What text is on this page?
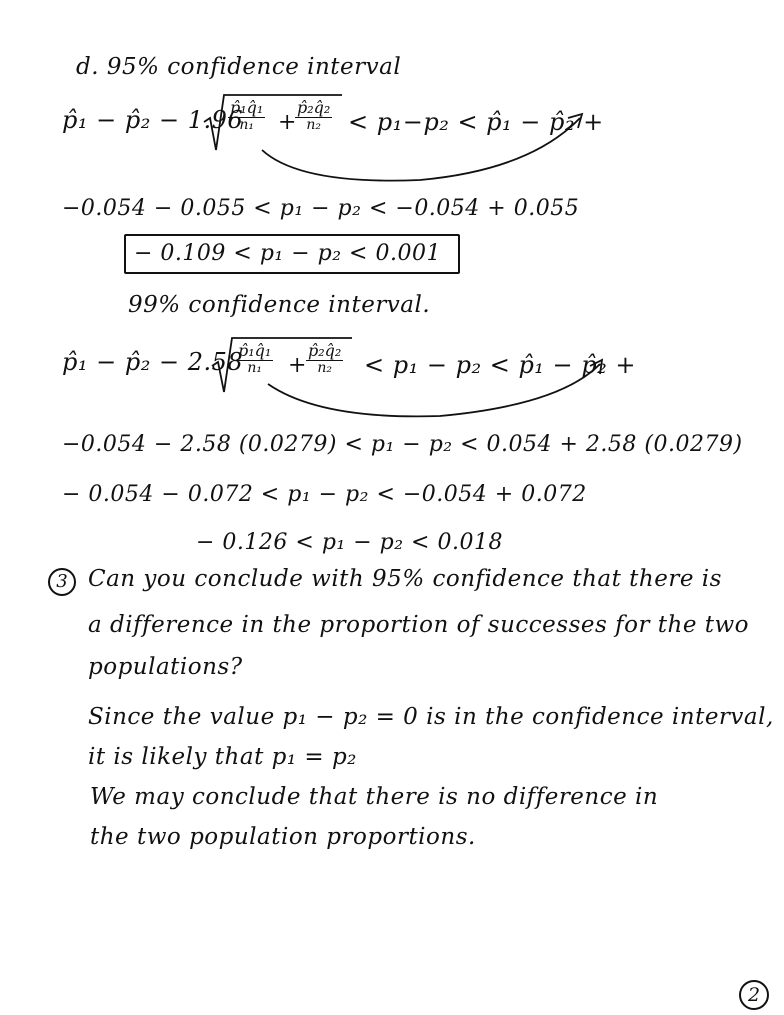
d. 95% confidence interval
p̂₁ − p̂₂ − 1.96
$\frac{\text{p̂₁q̂₁}}{\text{n₁}}$ +
$\frac{\text{p̂₂q̂₂}}{\text{n₂}} < p_1-p_2$ < p̂₁ − p̂₂ +
−0.054 − 0.055 < p₁ − p₂ < −0.054 + 0.055
− 0.109 < p₁ − p₂ < 0.001
99% confidence interval.
p̂₁ − p̂₂ − 2.58
$\frac{\text{p̂₁q̂₁}}{\text{n₁}} + \frac{\text{p̂₂q̂₂}}{\text{n₂}} < p_1 - p_2$ < p̂₁ − p̂₂ +
−0.054 − 2.58 (0.0279) < p₁ − p₂ < 0.054 + 2.58 (0.0279)
− 0.054 − 0.072 < p₁ − p₂ < −0.054 + 0.072
− 0.126 < p₁ − p₂ < 0.018
3 Can you conclude with 95% confidence that there is
a difference in the proportion of successes for the two
populations?
Since the value p₁ − p₂ = 0 is in the confidence interval,
it is likely that p₁ = p₂
We may conclude that there is no difference in
the two population proportions.
2
